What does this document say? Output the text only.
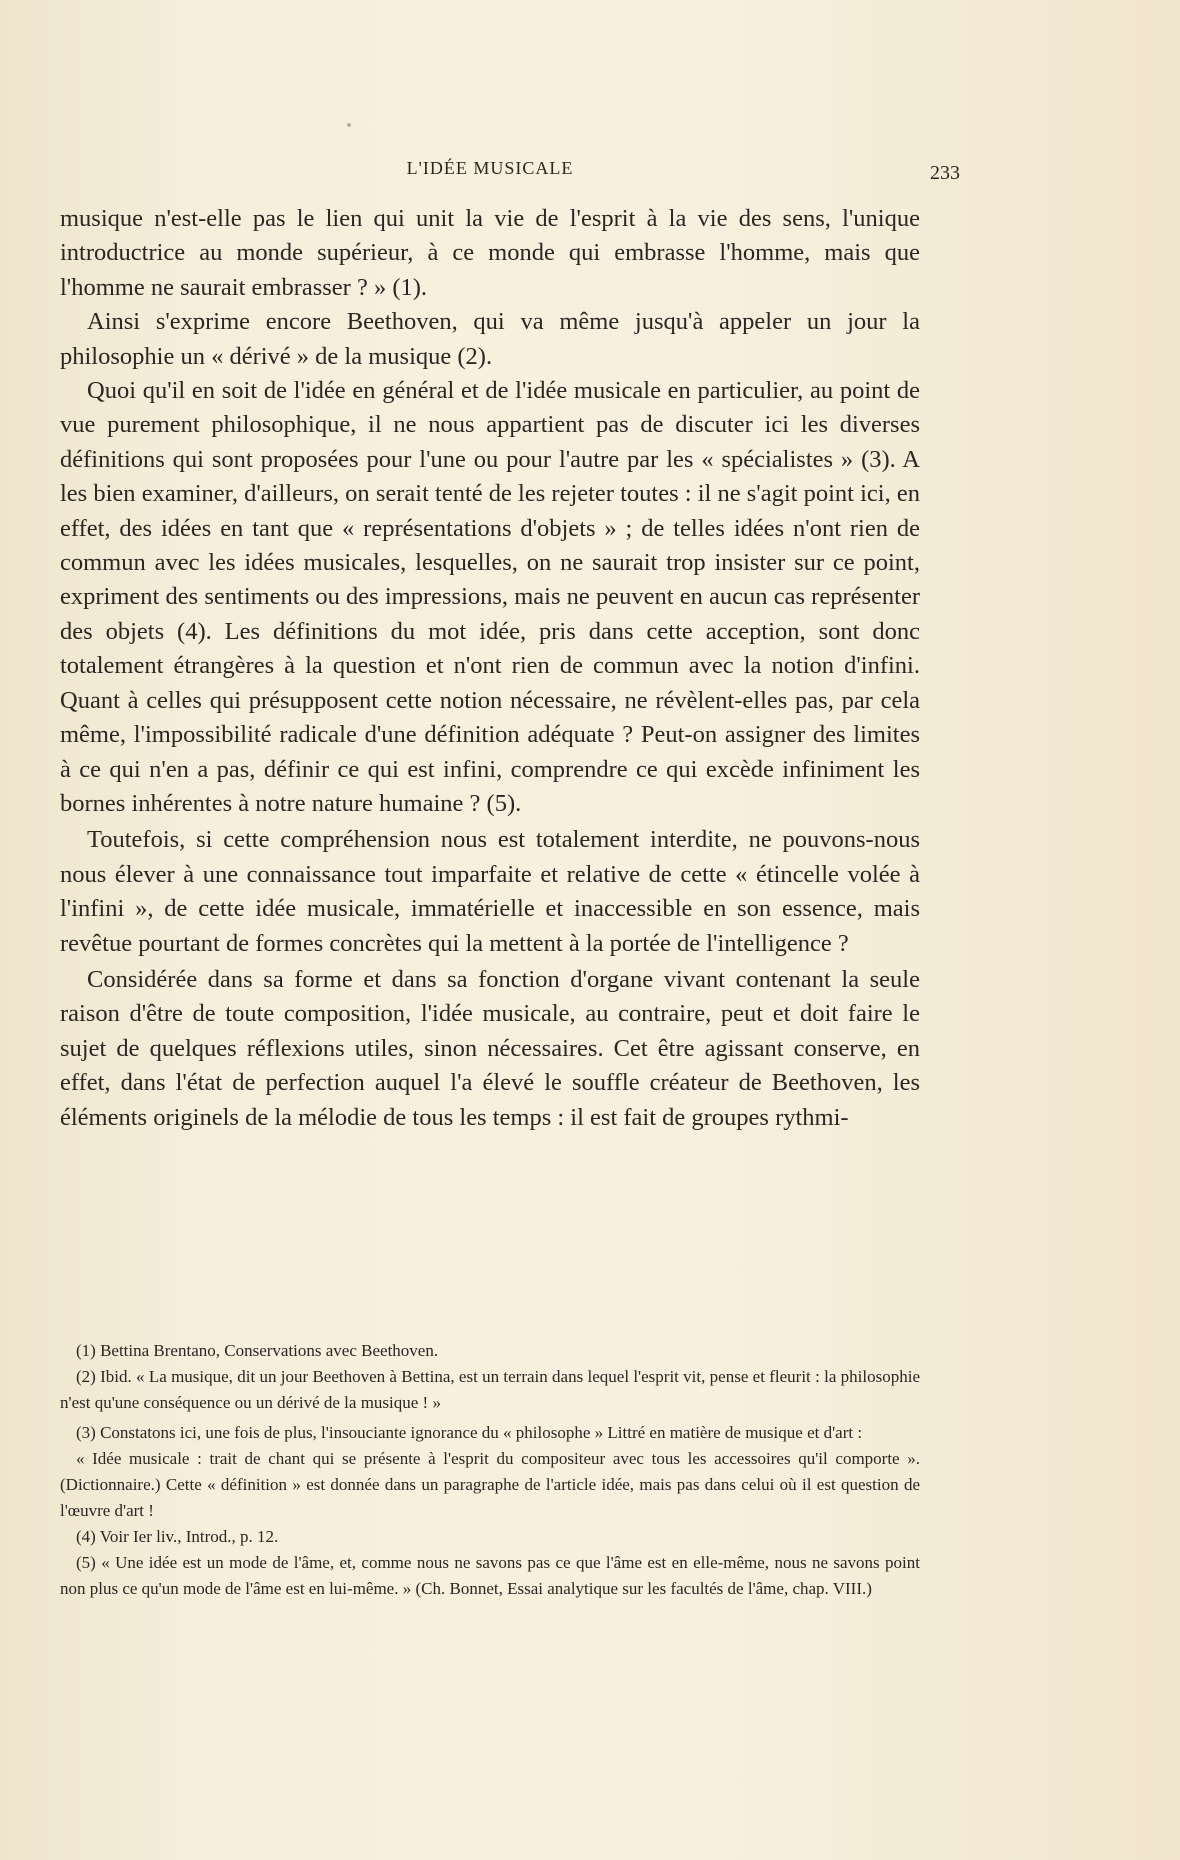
L'IDÉE MUSICALE	233

musique n'est-elle pas le lien qui unit la vie de l'esprit à la vie des sens, l'unique introductrice au monde supérieur, à ce monde qui embrasse l'homme, mais que l'homme ne saurait embrasser ? » (1).

Ainsi s'exprime encore Beethoven, qui va même jusqu'à appeler un jour la philosophie un « dérivé » de la musique (2).

Quoi qu'il en soit de l'idée en général et de l'idée musicale en particulier, au point de vue purement philosophique, il ne nous appartient pas de discuter ici les diverses définitions qui sont proposées pour l'une ou pour l'autre par les « spécialistes » (3). A les bien examiner, d'ailleurs, on serait tenté de les rejeter toutes : il ne s'agit point ici, en effet, des idées en tant que « représentations d'objets » ; de telles idées n'ont rien de commun avec les idées musicales, lesquelles, on ne saurait trop insister sur ce point, expriment des sentiments ou des impressions, mais ne peuvent en aucun cas représenter des objets (4). Les définitions du mot idée, pris dans cette acception, sont donc totalement étrangères à la question et n'ont rien de commun avec la notion d'infini. Quant à celles qui présupposent cette notion nécessaire, ne révèlent-elles pas, par cela même, l'impossibilité radicale d'une définition adéquate ? Peut-on assigner des limites à ce qui n'en a pas, définir ce qui est infini, comprendre ce qui excède infiniment les bornes inhérentes à notre nature humaine ? (5).

Toutefois, si cette compréhension nous est totalement interdite, ne pouvons-nous nous élever à une connaissance tout imparfaite et relative de cette « étincelle volée à l'infini », de cette idée musicale, immatérielle et inaccessible en son essence, mais revêtue pourtant de formes concrètes qui la mettent à la portée de l'intelligence ?

Considérée dans sa forme et dans sa fonction d'organe vivant contenant la seule raison d'être de toute composition, l'idée musicale, au contraire, peut et doit faire le sujet de quelques réflexions utiles, sinon nécessaires. Cet être agissant conserve, en effet, dans l'état de perfection auquel l'a élevé le souffle créateur de Beethoven, les éléments originels de la mélodie de tous les temps : il est fait de groupes rythmi-

(1) Bettina Brentano, Conservations avec Beethoven.

(2) Ibid. « La musique, dit un jour Beethoven à Bettina, est un terrain dans lequel l'esprit vit, pense et fleurit : la philosophie n'est qu'une conséquence ou un dérivé de la musique ! »

(3) Constatons ici, une fois de plus, l'insouciante ignorance du « philosophe » Littré en matière de musique et d'art :

« Idée musicale : trait de chant qui se présente à l'esprit du compositeur avec tous les accessoires qu'il comporte ». (Dictionnaire.) Cette « définition » est donnée dans un paragraphe de l'article idée, mais pas dans celui où il est question de l'œuvre d'art !

(4) Voir Ier liv., Introd., p. 12.

(5) « Une idée est un mode de l'âme, et, comme nous ne savons pas ce que l'âme est en elle-même, nous ne savons point non plus ce qu'un mode de l'âme est en lui-même. » (Ch. Bonnet, Essai analytique sur les facultés de l'âme, chap. VIII.)
